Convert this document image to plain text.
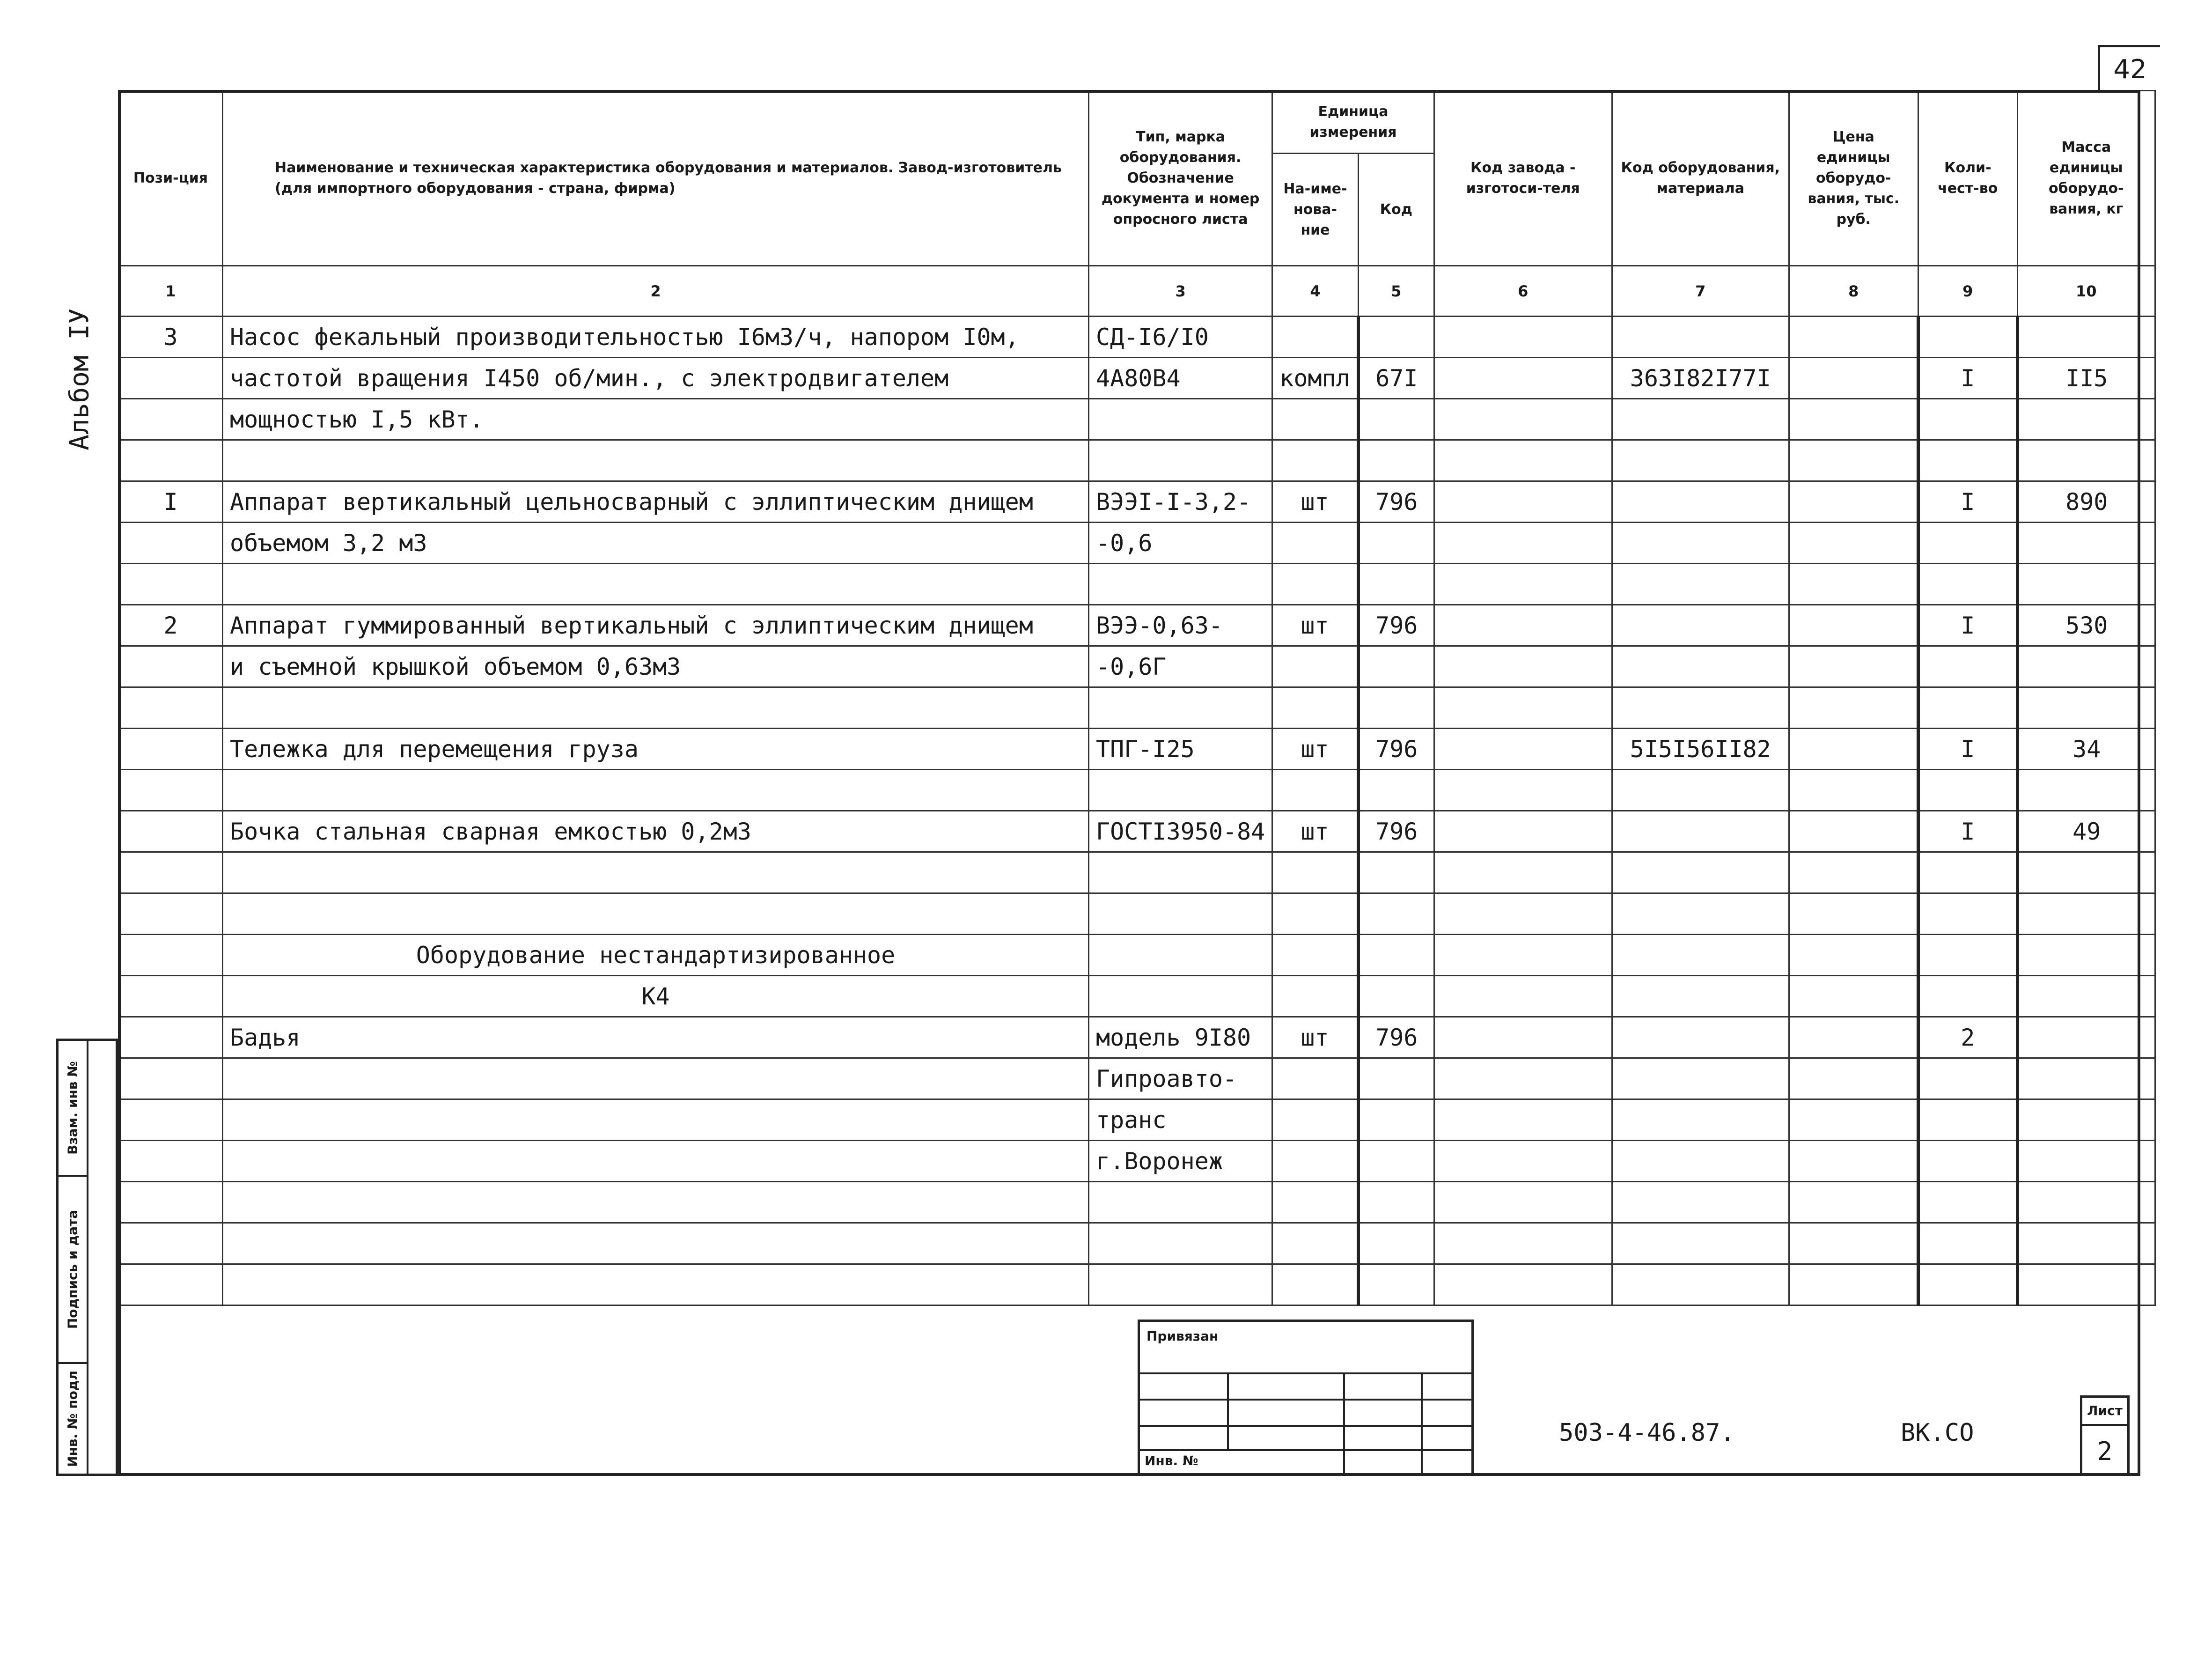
42
Альбом IУ
Пози-ция	Наименование и техническая характеристика оборудования и материалов. Завод-изготовитель (для импортного оборудования - страна, фирма)	Тип, марка оборудования. Обозначение документа и номер опросного листа	Единица измерения		Код завода - изготоси-теля	Код оборудования, материала	Цена единицы оборудо-вания, тыс. руб.	Коли-чест-во	Масса единицы оборудо-вания, кг
			На-име-нова-ние	Код					
1	2	3	4	5	6	7	8	9	10
3	Насос фекальный производительностью I6м3/ч, напором I0м,	СД-I6/I0							
	частотой вращения I450 об/мин., с электродвигателем	4А80В4	компл	67I		363I82I77I		I	II5
	мощностью I,5 кВт.								

I	Аппарат вертикальный цельносварный с эллиптическим днищем	ВЭЭI-I-3,2-	шт	796				I	890
	объемом 3,2 м3	-0,6							

2	Аппарат гуммированный вертикальный с эллиптическим днищем	ВЭЭ-0,63-	шт	796				I	530
	и съемной крышкой объемом 0,63м3	-0,6Г							

	Тележка для перемещения груза	ТПГ-I25	шт	796		5I5I56II82		I	34

	Бочка стальная сварная емкостью 0,2м3	ГОСТI3950-84	шт	796				I	49

	Оборудование нестандартизированное								
	К4								
	Бадья	модель 9I80	шт	796				2	
		Гипроавто-							
		транс							
		г.Воронеж							

Взам. инв №
Подпись и дата
Инв. № подл
Привязан
Инв. №
503-4-46.87.	ВК.СО
Лист
2
